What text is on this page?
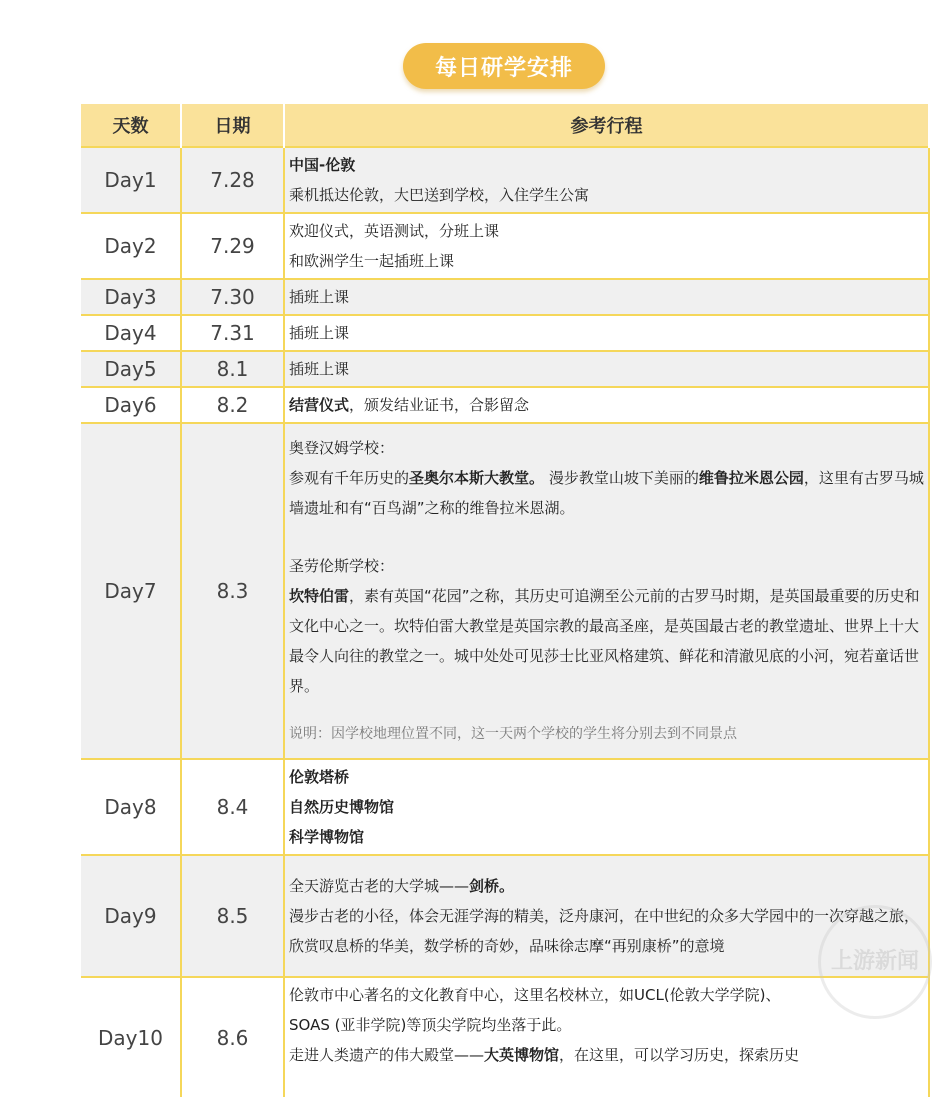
每日研学安排
天数	日期	参考行程
Day1	7.28	中国-伦敦
乘机抵达伦敦，大巴送到学校，入住学生公寓

Day2	7.29	欢迎仪式，英语测试，分班上课
和欧洲学生一起插班上课

Day3	7.30	插班上课
Day4	7.31	插班上课
Day5	8.1	插班上课
Day6	8.2	结营仪式，颁发结业证书，合影留念
Day7	8.3	奥登汉姆学校：
参观有千年历史的圣奥尔本斯大教堂。 漫步教堂山坡下美丽的维鲁拉米恩公园，这里有古罗马城墙遗址和有“百鸟湖”之称的维鲁拉米恩湖。
圣劳伦斯学校：
坎特伯雷，素有英国“花园”之称，其历史可追溯至公元前的古罗马时期，是英国最重要的历史和文化中心之一。坎特伯雷大教堂是英国宗教的最高圣座，是英国最古老的教堂遗址、世界上十大最令人向往的教堂之一。城中处处可见莎士比亚风格建筑、鲜花和清澈见底的小河，宛若童话世界。
说明：因学校地理位置不同，这一天两个学校的学生将分别去到不同景点

Day8	8.4	伦敦塔桥
自然历史博物馆
科学博物馆

Day9	8.5	全天游览古老的大学城——剑桥。
漫步古老的小径，体会无涯学海的精美，泛舟康河，在中世纪的众多大学园中的一次穿越之旅，欣赏叹息桥的华美，数学桥的奇妙，品味徐志摩“再别康桥”的意境

Day10	8.6	伦敦市中心著名的文化教育中心，这里名校林立，如UCL(伦敦大学学院)、
SOAS (亚非学院)等顶尖学院均坐落于此。
走进人类遗产的伟大殿堂——大英博物馆，在这里，可以学习历史，探索历史
上游新闻
